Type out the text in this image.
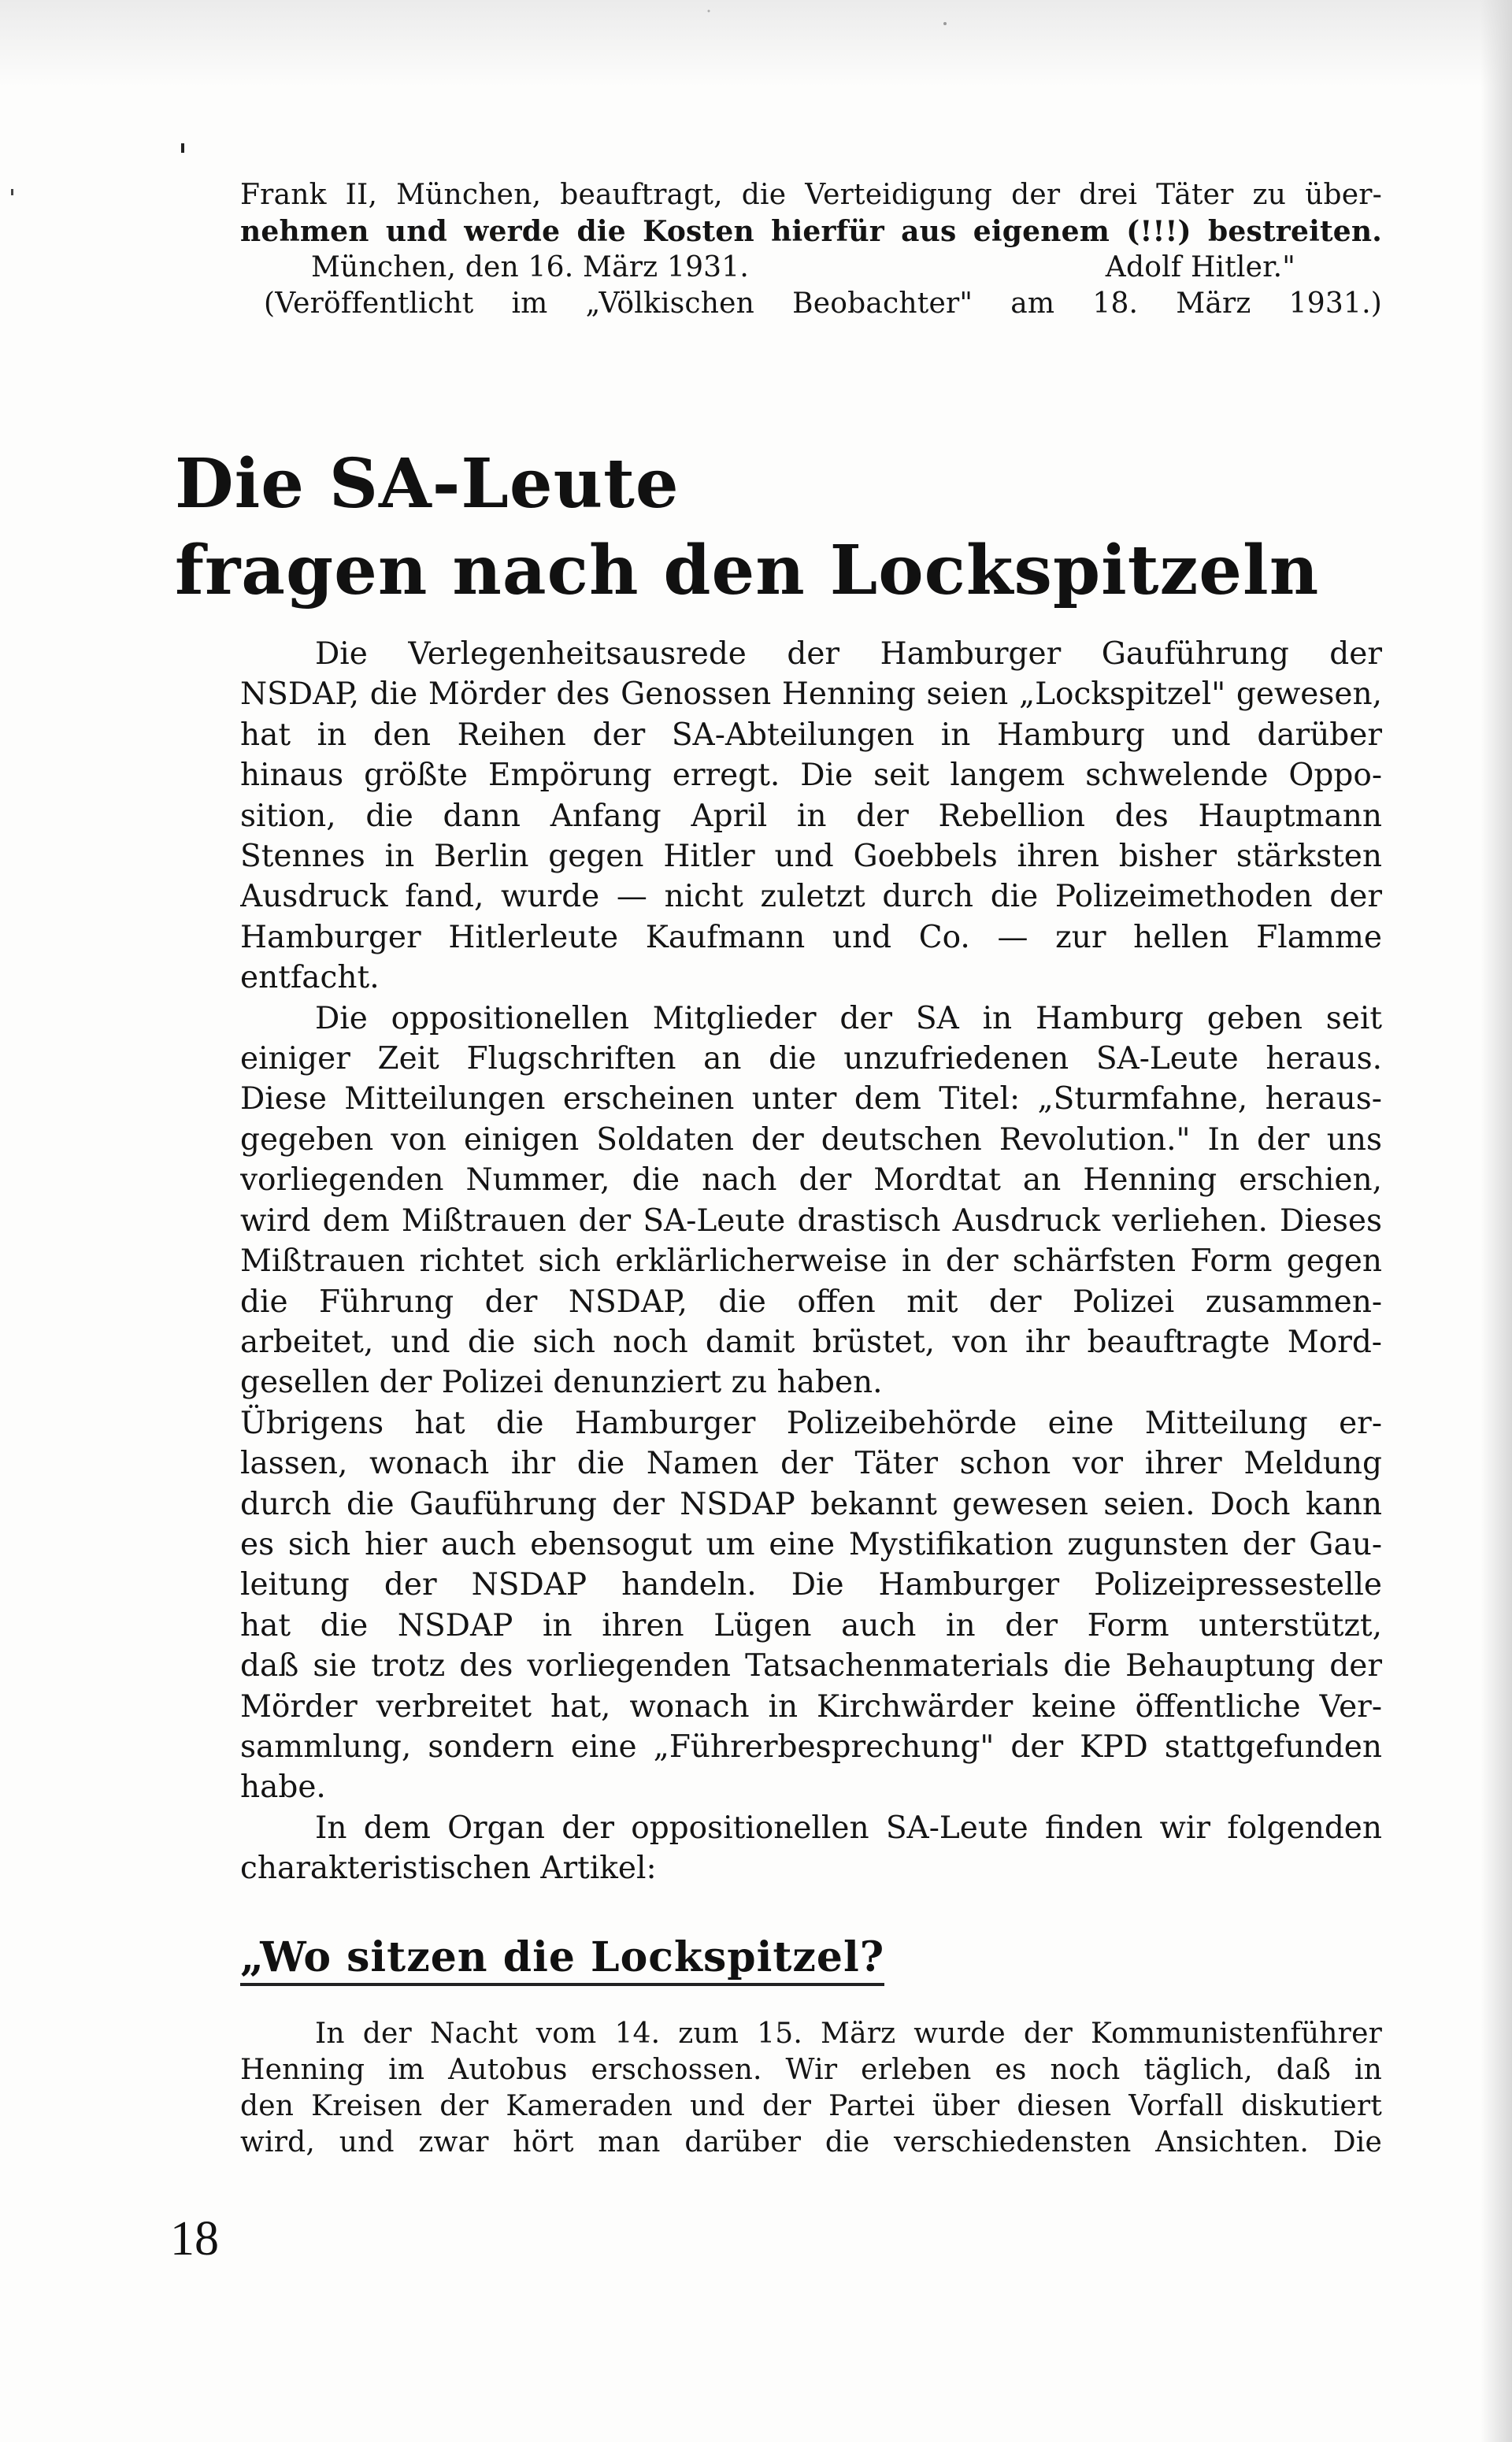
Frank II, München, beauftragt, die Verteidigung der drei Täter zu über-
nehmen und werde die Kosten hierfür aus eigenem (!!!) bestreiten.
München, den 16. März 1931.	Adolf Hitler."
(Veröffentlicht im „Völkischen Beobachter" am 18. März 1931.)
Die SA-Leute
fragen nach den Lockspitzeln
Die Verlegenheitsausrede der Hamburger Gauführung der
NSDAP, die Mörder des Genossen Henning seien „Lockspitzel" gewesen,
hat in den Reihen der SA-Abteilungen in Hamburg und darüber
hinaus größte Empörung erregt. Die seit langem schwelende Oppo-
sition, die dann Anfang April in der Rebellion des Hauptmann
Stennes in Berlin gegen Hitler und Goebbels ihren bisher stärksten
Ausdruck fand, wurde — nicht zuletzt durch die Polizeimethoden der
Hamburger Hitlerleute Kaufmann und Co. — zur hellen Flamme
entfacht.
Die oppositionellen Mitglieder der SA in Hamburg geben seit
einiger Zeit Flugschriften an die unzufriedenen SA-Leute heraus.
Diese Mitteilungen erscheinen unter dem Titel: „Sturmfahne, heraus-
gegeben von einigen Soldaten der deutschen Revolution." In der uns
vorliegenden Nummer, die nach der Mordtat an Henning erschien,
wird dem Mißtrauen der SA-Leute drastisch Ausdruck verliehen. Dieses
Mißtrauen richtet sich erklärlicherweise in der schärfsten Form gegen
die Führung der NSDAP, die offen mit der Polizei zusammen-
arbeitet, und die sich noch damit brüstet, von ihr beauftragte Mord-
gesellen der Polizei denunziert zu haben.
Übrigens hat die Hamburger Polizeibehörde eine Mitteilung er-
lassen, wonach ihr die Namen der Täter schon vor ihrer Meldung
durch die Gauführung der NSDAP bekannt gewesen seien. Doch kann
es sich hier auch ebensogut um eine Mystifikation zugunsten der Gau-
leitung der NSDAP handeln. Die Hamburger Polizeipressestelle
hat die NSDAP in ihren Lügen auch in der Form unterstützt,
daß sie trotz des vorliegenden Tatsachenmaterials die Behauptung der
Mörder verbreitet hat, wonach in Kirchwärder keine öffentliche Ver-
sammlung, sondern eine „Führerbesprechung" der KPD stattgefunden
habe.
In dem Organ der oppositionellen SA-Leute finden wir folgenden
charakteristischen Artikel:
„Wo sitzen die Lockspitzel?
In der Nacht vom 14. zum 15. März wurde der Kommunistenführer
Henning im Autobus erschossen. Wir erleben es noch täglich, daß in
den Kreisen der Kameraden und der Partei über diesen Vorfall diskutiert
wird, und zwar hört man darüber die verschiedensten Ansichten. Die
18
